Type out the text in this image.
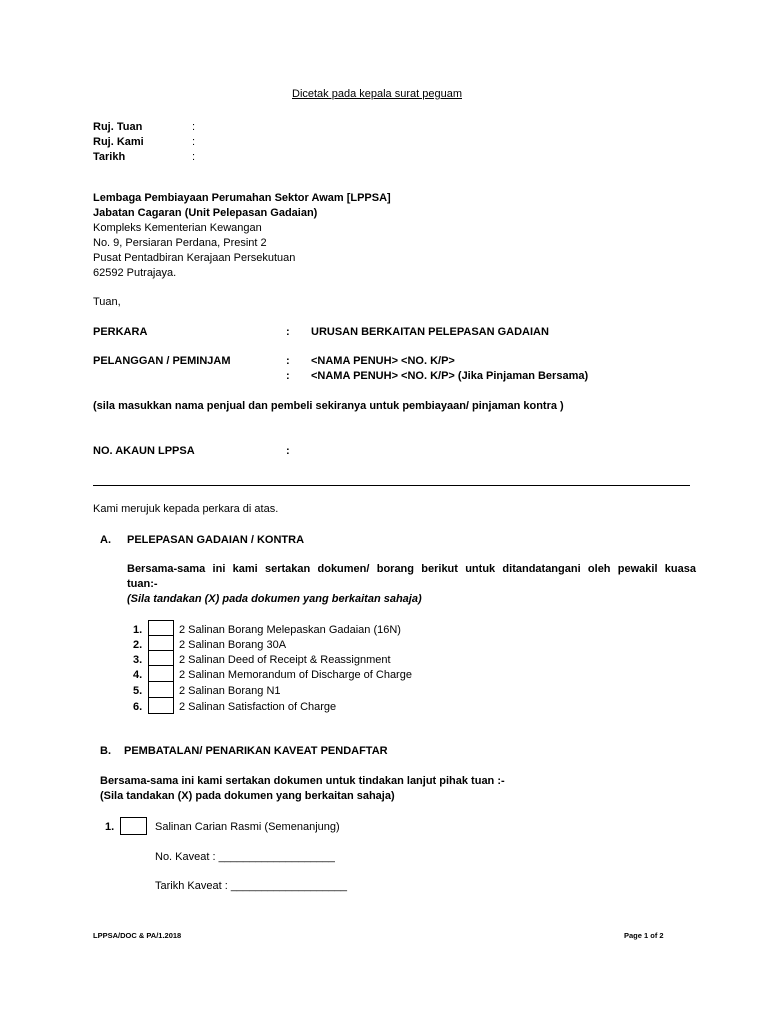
Dicetak pada kepala surat peguam
Ruj. Tuan	:
Ruj. Kami	:
Tarikh	:
Lembaga Pembiayaan Perumahan Sektor Awam [LPPSA]
Jabatan Cagaran (Unit Pelepasan Gadaian)
Kompleks Kementerian Kewangan
No. 9, Persiaran Perdana, Presint 2
Pusat Pentadbiran Kerajaan Persekutuan
62592 Putrajaya.
Tuan,
PERKARA	: URUSAN BERKAITAN PELEPASAN GADAIAN
PELANGGAN / PEMINJAM	: <NAMA PENUH> <NO. K/P>
: <NAMA PENUH> <NO. K/P> (Jika Pinjaman Bersama)
(sila masukkan nama penjual dan pembeli sekiranya untuk pembiayaan/ pinjaman kontra )
NO. AKAUN LPPSA	:
Kami merujuk kepada perkara di atas.
A. PELEPASAN GADAIAN / KONTRA
Bersama-sama ini kami sertakan dokumen/ borang berikut untuk ditandatangani oleh pewakil kuasa
tuan:-
(Sila tandakan (X) pada dokumen yang berkaitan sahaja)
1.	2 Salinan Borang Melepaskan Gadaian (16N)
2.	2 Salinan Borang 30A
3.	2 Salinan Deed of Receipt & Reassignment
4.	2 Salinan Memorandum of Discharge of Charge
5.	2 Salinan Borang N1
6.	2 Salinan Satisfaction of Charge
B. PEMBATALAN/ PENARIKAN KAVEAT PENDAFTAR
Bersama-sama ini kami sertakan dokumen untuk tindakan lanjut pihak tuan :-
(Sila tandakan (X) pada dokumen yang berkaitan sahaja)
1.	Salinan Carian Rasmi (Semenanjung)
No. Kaveat : ___________________
Tarikh Kaveat : ___________________
LPPSA/DOC & PA/1.2018	Page 1 of 2
